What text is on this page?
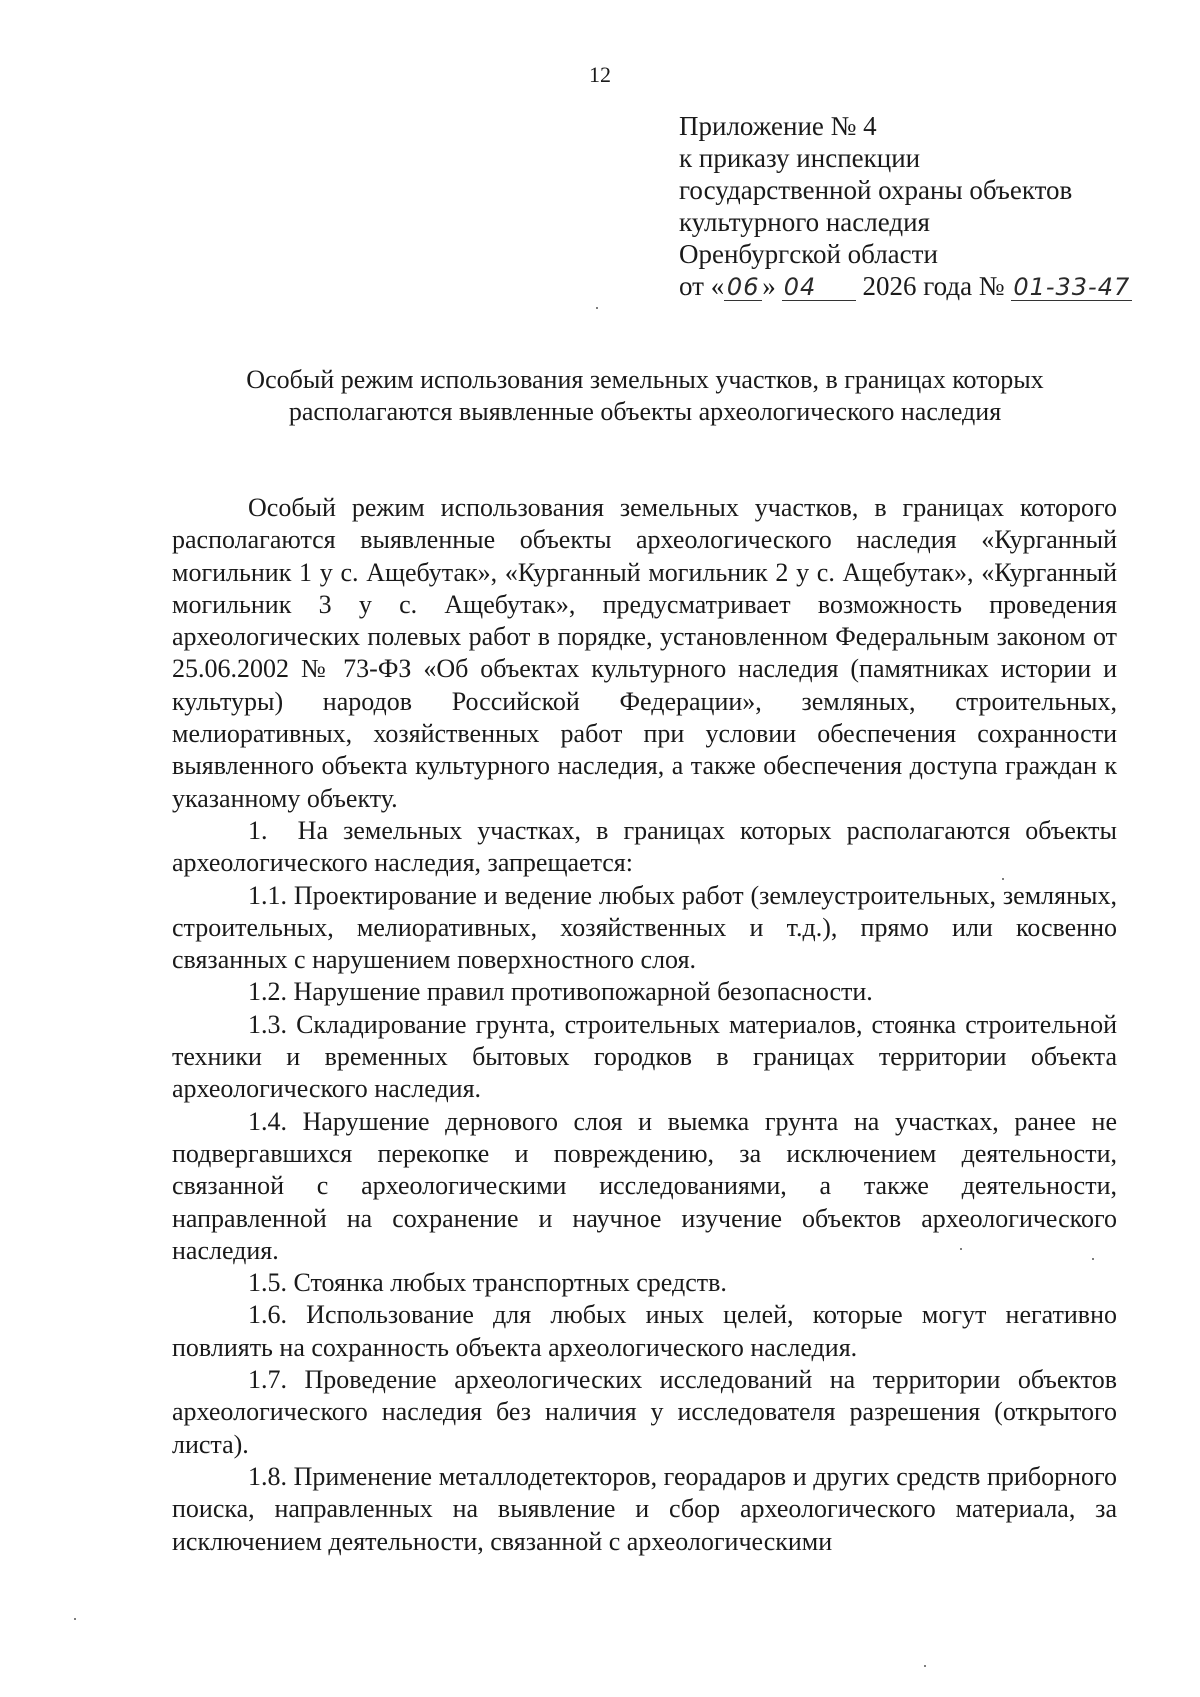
12
Приложение № 4
к приказу инспекции
государственной охраны объектов
культурного наследия
Оренбургской области
от « 06 » 04 2026 года № 01-33-47
Особый режим использования земельных участков, в границах которых
располагаются выявленные объекты археологического наследия

Особый режим использования земельных участков, в границах которого располагаются выявленные объекты археологического наследия «Курганный могильник 1 у с. Ащебутак», «Курганный могильник 2 у с. Ащебутак», «Курганный могильник 3 у с. Ащебутак», предусматривает возможность проведения археологических полевых работ в порядке, установленном Федеральным законом от 25.06.2002 № 73-ФЗ «Об объектах культурного наследия (памятниках истории и культуры) народов Российской Федерации», земляных, строительных, мелиоративных, хозяйственных работ при условии обеспечения сохранности выявленного объекта культурного наследия, а также обеспечения доступа граждан к указанному объекту.

1.  На земельных участках, в границах которых располагаются объекты археологического наследия, запрещается:

1.1. Проектирование и ведение любых работ (землеустроительных, земляных, строительных, мелиоративных, хозяйственных и т.д.), прямо или косвенно связанных с нарушением поверхностного слоя.

1.2. Нарушение правил противопожарной безопасности.

1.3. Складирование грунта, строительных материалов, стоянка строительной техники и временных бытовых городков в границах территории объекта археологического наследия.

1.4. Нарушение дернового слоя и выемка грунта на участках, ранее не подвергавшихся перекопке и повреждению, за исключением деятельности, связанной с археологическими исследованиями, а также деятельности, направленной на сохранение и научное изучение объектов археологического наследия.

1.5. Стоянка любых транспортных средств.

1.6. Использование для любых иных целей, которые могут негативно повлиять на сохранность объекта археологического наследия.

1.7. Проведение археологических исследований на территории объектов археологического наследия без наличия у исследователя разрешения (открытого листа).

1.8. Применение металлодетекторов, георадаров и других средств приборного поиска, направленных на выявление и сбор археологического материала, за исключением деятельности, связанной с археологическими
